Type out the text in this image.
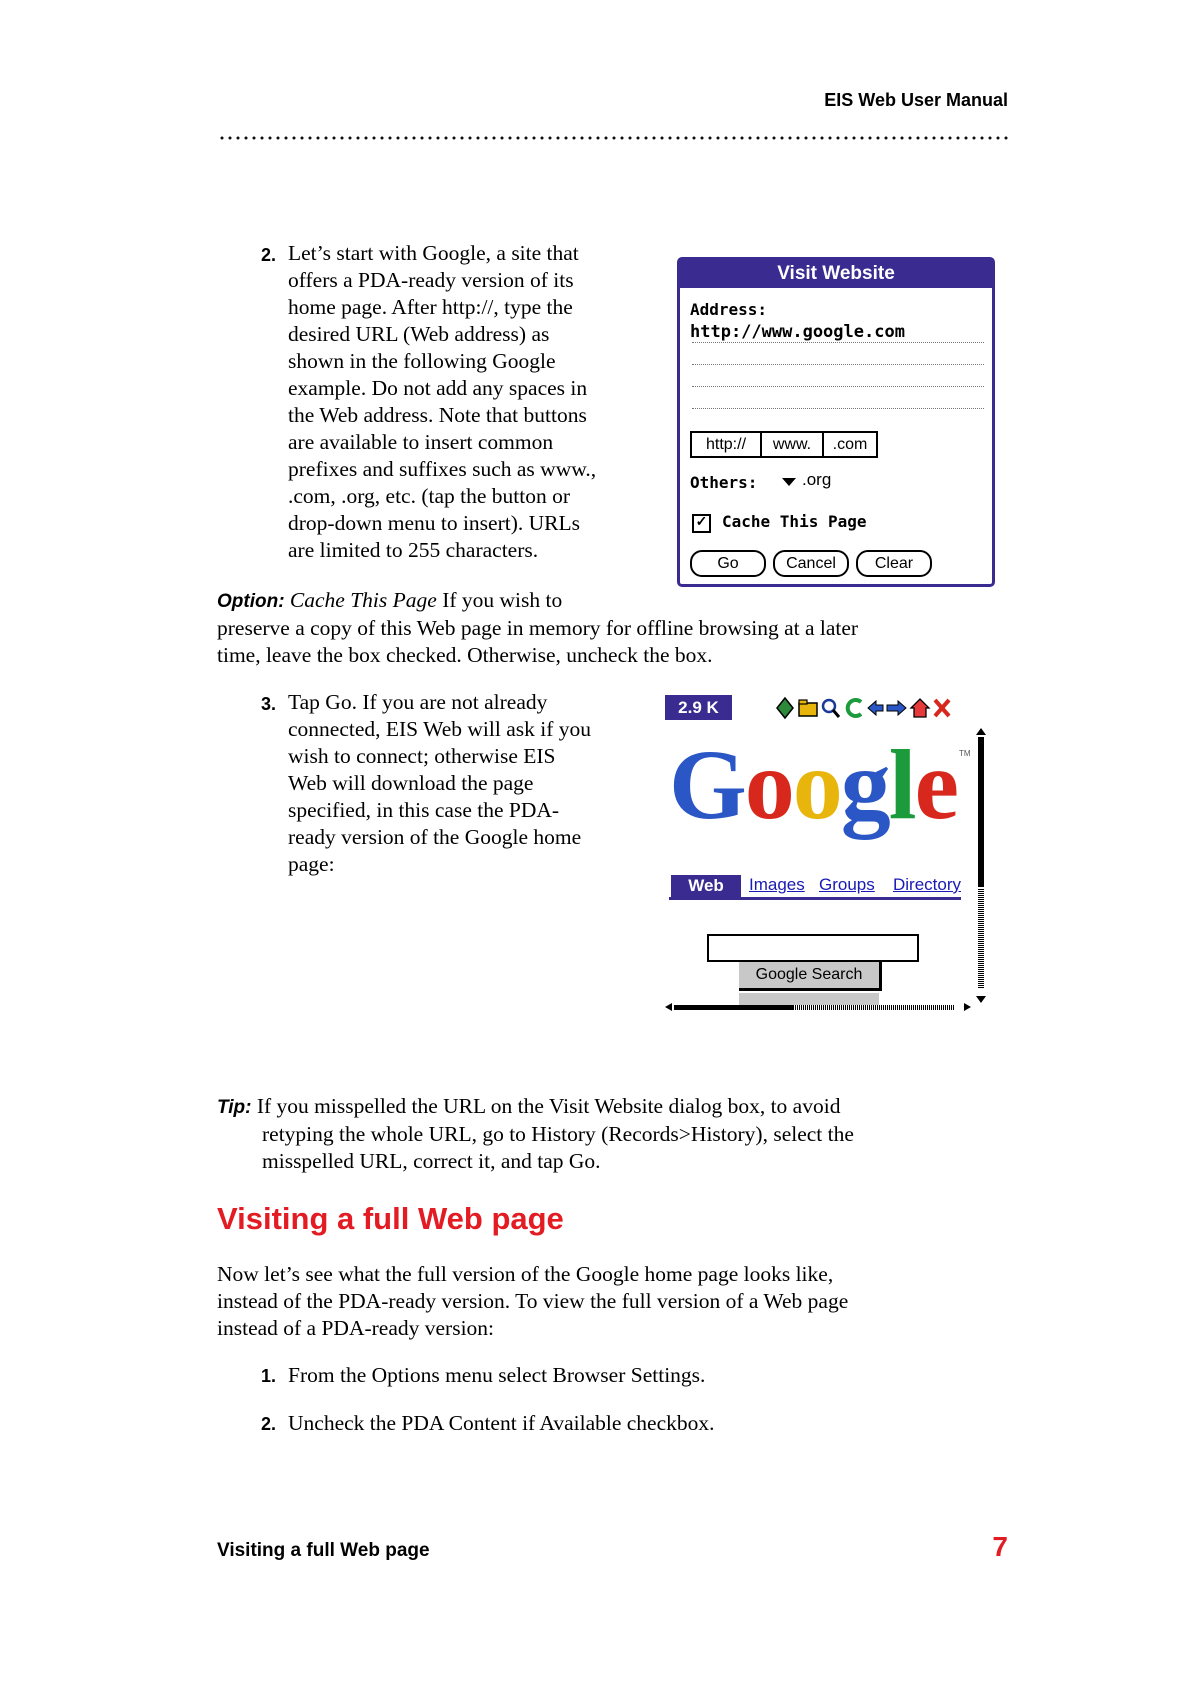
EIS Web User Manual
2. Let’s start with Google, a site that
offers a PDA-ready version of its
home page. After http://, type the
desired URL (Web address) as
shown in the following Google
example. Do not add any spaces in
the Web address. Note that buttons
are available to insert common
prefixes and suffixes such as www.,
.com, .org, etc. (tap the button or
drop-down menu to insert). URLs
are limited to 255 characters.
Visit Website
Address:
http://www.google.com
http://	www.	.com
Others:	.org
✓ Cache This Page
Go	Cancel	Clear
Option: Cache This Page If you wish to
preserve a copy of this Web page in memory for offline browsing at a later
time, leave the box checked. Otherwise, uncheck the box.
3. Tap Go. If you are not already
connected, EIS Web will ask if you
wish to connect; otherwise EIS
Web will download the page
specified, in this case the PDA-
ready version of the Google home
page:
2.9 K
Google TM
Web	Images Groups Directory
Google Search
Tip: If you misspelled the URL on the Visit Website dialog box, to avoid
retyping the whole URL, go to History (Records>History), select the
misspelled URL, correct it, and tap Go.
Visiting a full Web page
Now let’s see what the full version of the Google home page looks like,
instead of the PDA-ready version. To view the full version of a Web page
instead of a PDA-ready version:
1. From the Options menu select Browser Settings.
2. Uncheck the PDA Content if Available checkbox.
Visiting a full Web page	7
